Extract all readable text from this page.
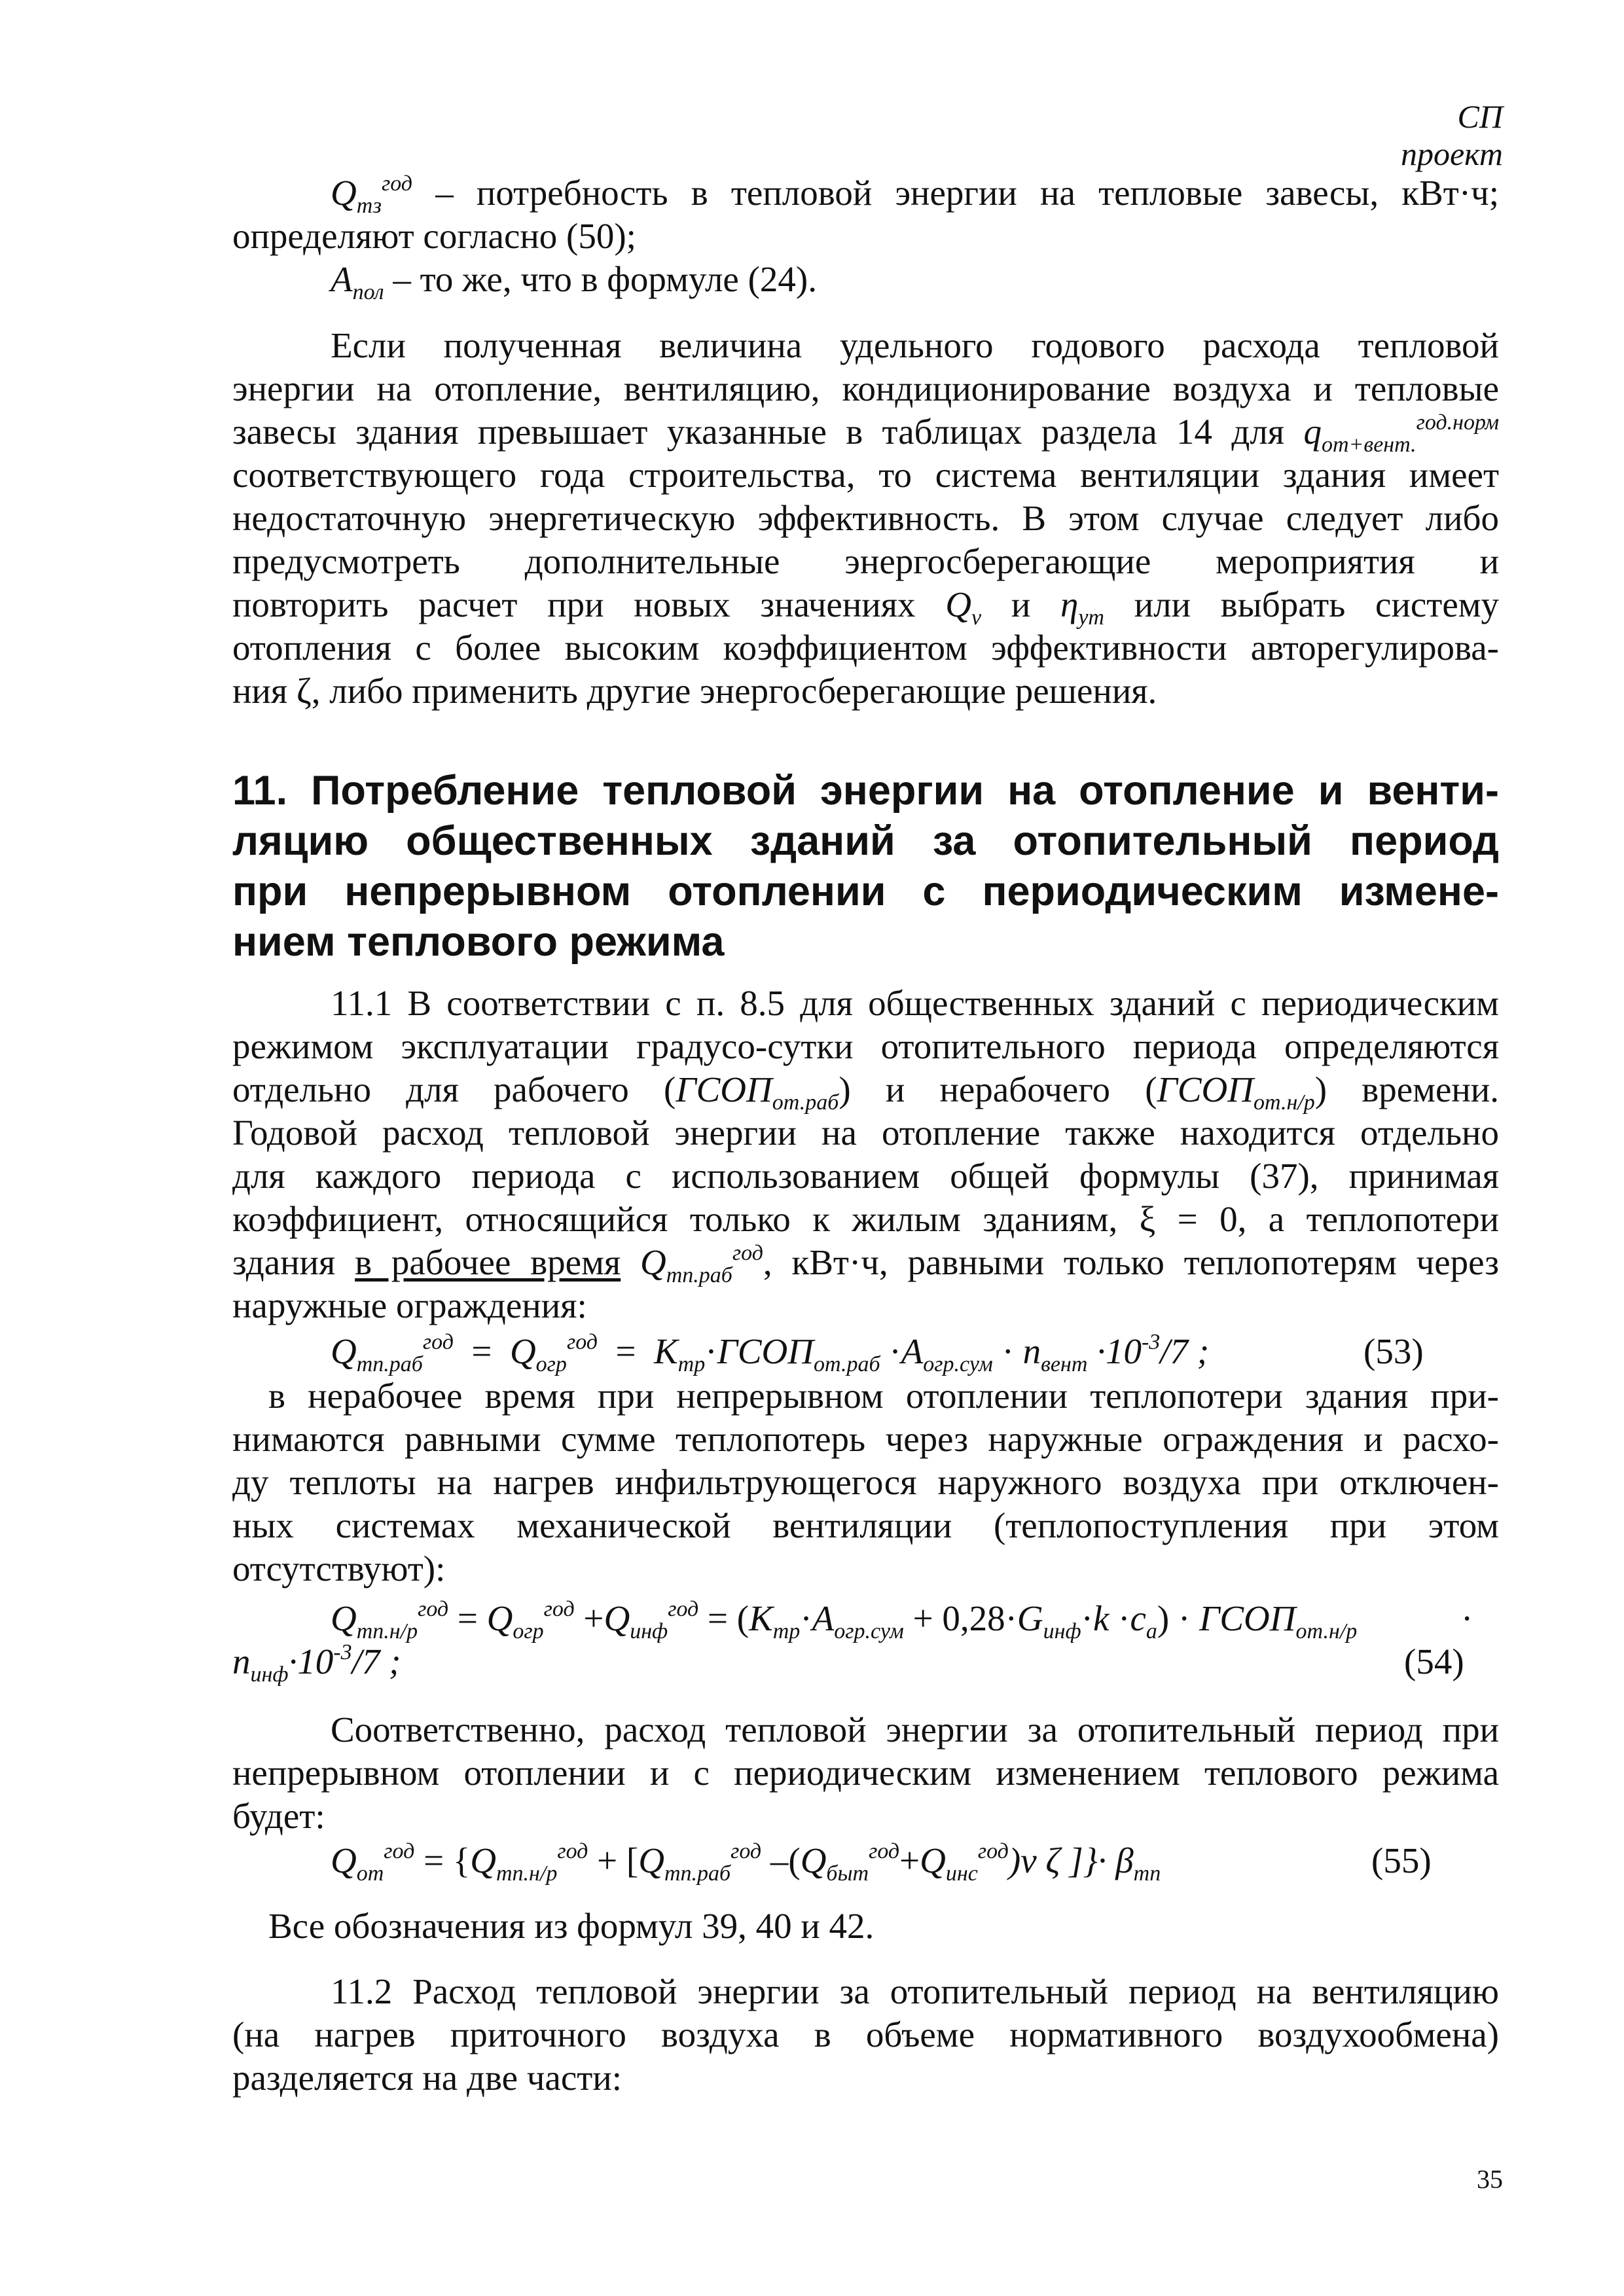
СП
проект
$Q_{тз}^{год}$ – потребность в тепловой энергии на тепловые завесы, кВт·ч;
определяют согласно (50);
$A_{пол}$ – то же, что в формуле (24).
Если полученная величина удельного годового расхода тепловой
энергии на отопление, вентиляцию, кондиционирование воздуха и тепловые
завесы здания превышает указанные в таблицах раздела 14 для $q_{от+вент.}^{год.норм}$
соответствующего года строительства, то система вентиляции здания имеет
недостаточную энергетическую эффективность. В этом случае следует либо
предусмотреть дополнительные энергосберегающие мероприятия и
повторить расчет при новых значениях $Q_v$ и $\eta_{ут}$ или выбрать систему
отопления с более высоким коэффициентом эффективности авторегулирова-
ния ζ, либо применить другие энергосберегающие решения.
11. Потребление тепловой энергии на отопление и венти-
ляцию общественных зданий за отопительный период
при непрерывном отоплении с периодическим измене-
нием теплового режима
11.1 В соответствии с п. 8.5 для общественных зданий с периодическим
режимом эксплуатации градусо-сутки отопительного периода определяются
отдельно для рабочего $(ГСОП_{от.раб})$ и нерабочего $(ГСОП_{от.н/р})$ времени.
Годовой расход тепловой энергии на отопление также находится отдельно
для каждого периода с использованием общей формулы (37), принимая
коэффициент, относящийся только к жилым зданиям, ξ = 0, а теплопотери
здания в рабочее время $Q_{тп.раб}^{год}$, кВт·ч, равными только теплопотерям через
наружные ограждения:
$Q_{тп.раб}^{год} = Q_{огр}^{год}$ = $K_{тр}\cdot ГСОП_{от.раб} \cdot A_{огр.сум} \cdot n_{вент} \cdot 10^{-3}/7$ ;	(53)
в нерабочее время при непрерывном отоплении теплопотери здания при-
нимаются равными сумме теплопотерь через наружные ограждения и расхо-
ду теплоты на нагрев инфильтрующегося наружного воздуха при отключен-
ных системах механической вентиляции (теплопоступления при этом
отсутствуют):
$Q_{тп.н/р}^{год} = Q_{огр}^{год} +Q_{инф}^{год} = (K_{тр}\cdot A_{огр.сум} + 0,28\cdot G_{инф}\cdot k \cdot c_a)$ · $ГСОП_{от.н/р}$	·
$n_{инф}\cdot 10^{-3}/7$ ;	(54)
Соответственно, расход тепловой энергии за отопительный период при
непрерывном отоплении и с периодическим изменением теплового режима
будет:
$Q_{от}^{год} = \{Q_{тп.н/р}^{год} + [Q_{тп.раб}^{год}$ $-(Q_{быт}^{год}+Q_{инс}^{год})\nu$ ζ ]}· $\beta_{тп}$	(55)
Все обозначения из формул 39, 40 и 42.
11.2 Расход тепловой энергии за отопительный период на вентиляцию
(на нагрев приточного воздуха в объеме нормативного воздухообмена)
разделяется на две части:
35
